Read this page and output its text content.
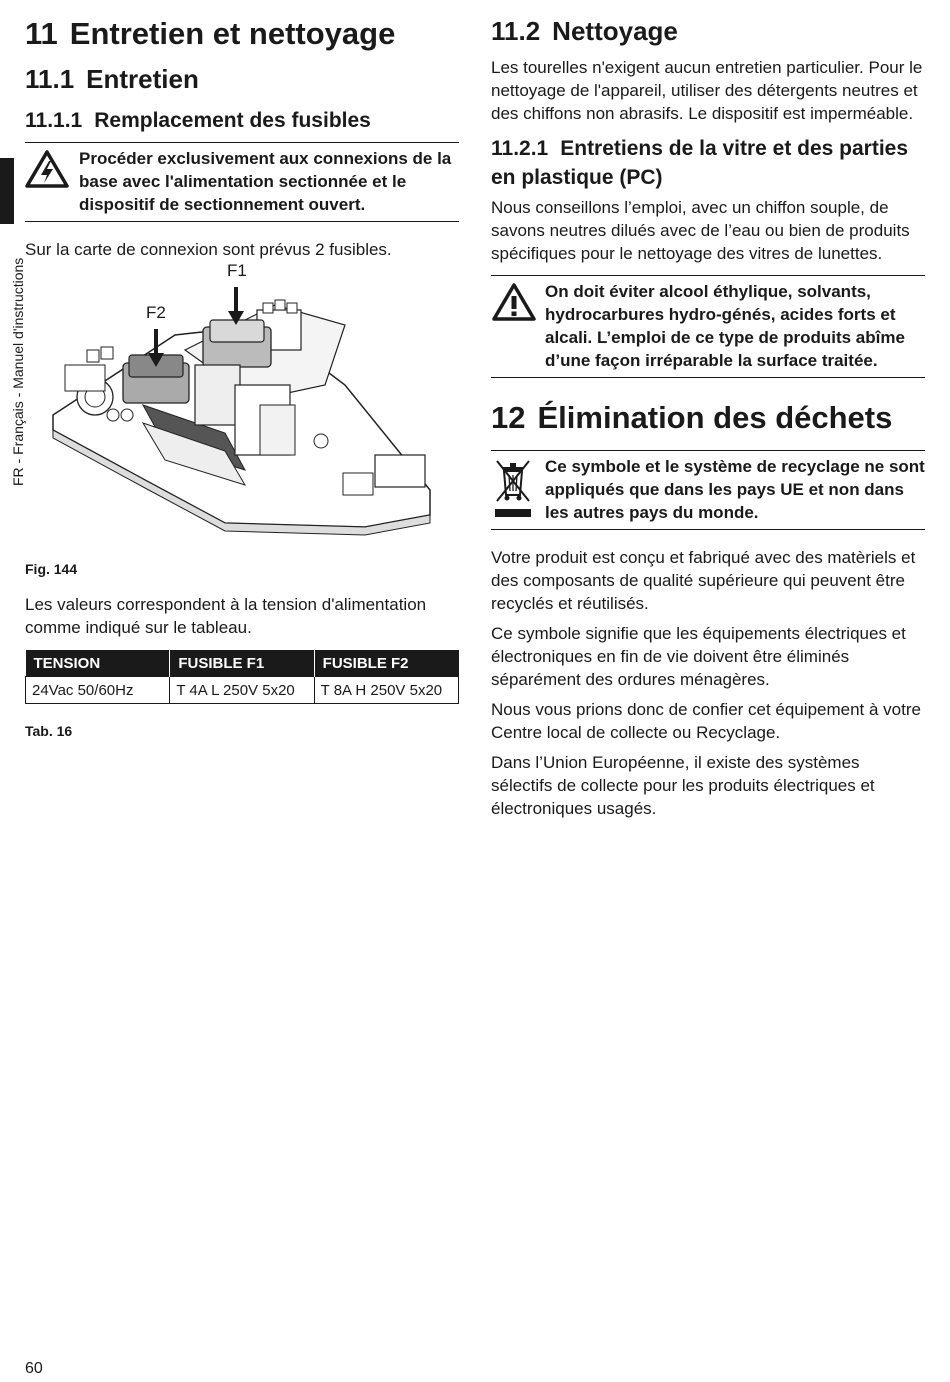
FR - Français - Manuel d'instructions
11 Entretien et nettoyage
11.1 Entretien
11.1.1 Remplacement des fusibles
Procéder exclusivement aux connexions de la base avec l'alimentation sectionnée et le dispositif de sectionnement ouvert.

Sur la carte de connexion sont prévus 2 fusibles.

F1
F2

Fig. 144

Les valeurs correspondent à la tension d'alimentation comme indiqué sur le tableau.

TENSION	FUSIBLE F1	FUSIBLE F2
24Vac 50/60Hz	T 4A L 250V 5x20	T 8A H 250V 5x20

Tab. 16

11.2 Nettoyage

Les tourelles n'exigent aucun entretien particulier. Pour le nettoyage de l'appareil, utiliser des détergents neutres et des chiffons non abrasifs. Le dispositif est imperméable.

11.2.1 Entretiens de la vitre et des parties en plastique (PC)

Nous conseillons l’emploi, avec un chiffon souple, de savons neutres dilués avec de l’eau ou bien de produits spécifiques pour le nettoyage des vitres de lunettes.

On doit éviter alcool éthylique, solvants, hydrocarbures hydro-génés, acides forts et alcali. L’emploi de ce type de produits abîme d’une façon irréparable la surface traitée.
12 Élimination des déchets
Ce symbole et le système de recyclage ne sont appliqués que dans les pays UE et non dans les autres pays du monde.

Votre produit est conçu et fabriqué avec des matèriels et des composants de qualité supérieure qui peuvent être recyclés et réutilisés.

Ce symbole signifie que les équipements électriques et électroniques en fin de vie doivent être éliminés séparément des ordures ménagères.

Nous vous prions donc de confier cet équipement à votre Centre local de collecte ou Recyclage.

Dans l’Union Européenne, il existe des systèmes sélectifs de collecte pour les produits électriques et électroniques usagés.

60
